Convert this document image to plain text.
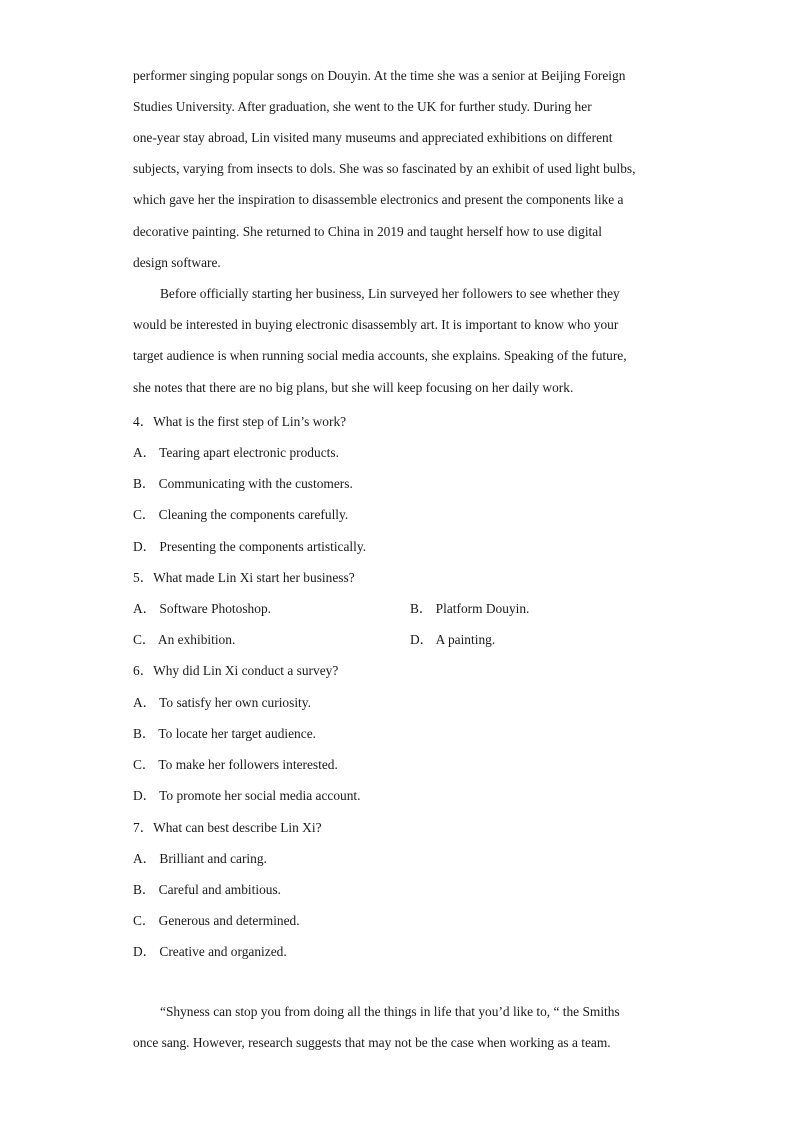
performer singing popular songs on Douyin. At the time she was a senior at Beijing Foreign
Studies University. After graduation, she went to the UK for further study. During her
one-year stay abroad, Lin visited many museums and appreciated exhibitions on different
subjects, varying from insects to dols. She was so fascinated by an exhibit of used light bulbs,
which gave her the inspiration to disassemble electronics and present the components like a
decorative painting. She returned to China in 2019 and taught herself how to use digital
design software.
Before officially starting her business, Lin surveyed her followers to see whether they
would be interested in buying electronic disassembly art. It is important to know who your
target audience is when running social media accounts, she explains. Speaking of the future,
she notes that there are no big plans, but she will keep focusing on her daily work.
4．What is the first step of Lin’s work?
A． Tearing apart electronic products.
B． Communicating with the customers.
C． Cleaning the components carefully.
D． Presenting the components artistically.
5．What made Lin Xi start her business?
A． Software Photoshop.	B． Platform Douyin.
C． An exhibition.	D． A painting.
6．Why did Lin Xi conduct a survey?
A． To satisfy her own curiosity.
B． To locate her target audience.
C． To make her followers interested.
D． To promote her social media account.
7．What can best describe Lin Xi?
A． Brilliant and caring.
B． Careful and ambitious.
C． Generous and determined.
D． Creative and organized.
“Shyness can stop you from doing all the things in life that you’d like to, “ the Smiths
once sang. However, research suggests that may not be the case when working as a team.
